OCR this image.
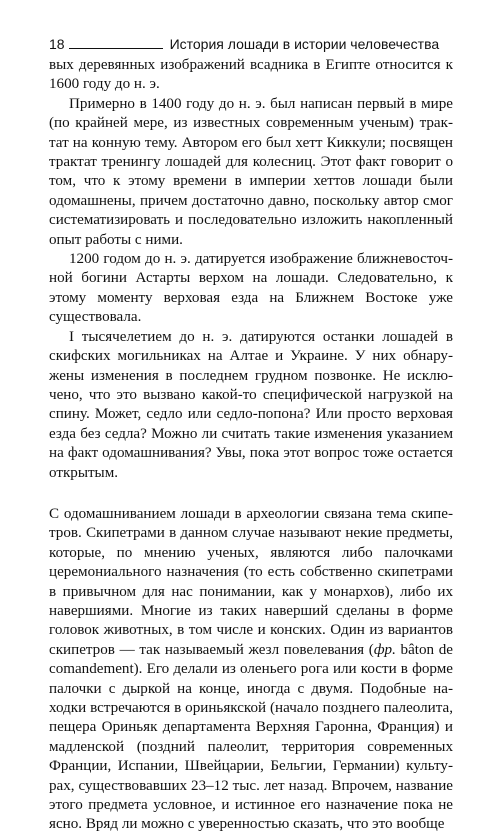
18	История лошади в истории человечества

вых деревянных изображений всадника в Египте относится к 1600 году до н. э.

Примерно в 1400 году до н. э. был написан первый в мире (по крайней мере, из известных современным ученым) трактат на конную тему. Автором его был хетт Киккули; посвящен трактат тренингу лошадей для колесниц. Этот факт говорит о том, что к этому времени в империи хеттов лошади были одомашнены, причем достаточно давно, поскольку автор смог систематизировать и последовательно изложить накопленный опыт работы с ними.

1200 годом до н. э. датируется изображение ближневосточной богини Астарты верхом на лошади. Следовательно, к этому моменту верховая езда на Ближнем Востоке уже существовала.

I тысячелетием до н. э. датируются останки лошадей в скифских могильниках на Алтае и Украине. У них обнаружены изменения в последнем грудном позвонке. Не исключено, что это вызвано какой-то специфической нагрузкой на спину. Может, седло или седло-попона? Или просто верховая езда без седла? Можно ли считать такие изменения указанием на факт одомашнивания? Увы, пока этот вопрос тоже остается открытым.

С одомашниванием лошади в археологии связана тема скипетров. Скипетрами в данном случае называют некие предметы, которые, по мнению ученых, являются либо палочками церемониального назначения (то есть собственно скипетрами в привычном для нас понимании, как у монархов), либо их навершиями. Многие из таких наверший сделаны в форме головок животных, в том числе и конских. Один из вариантов скипетров — так называемый жезл повелевания (фр. bâton de comandement). Его делали из оленьего рога или кости в форме палочки с дыркой на конце, иногда с двумя. Подобные находки встречаются в ориньякской (начало позднего палеолита, пещера Ориньяк департамента Верхняя Гаронна, Франция) и мадленской (поздний палеолит, территория современных Франции, Испании, Швейцарии, Бельгии, Германии) культурах, существовавших 23–12 тыс. лет назад. Впрочем, название этого предмета условное, и истинное его назначение пока не ясно. Вряд ли можно с уверенностью сказать, что это вообще
